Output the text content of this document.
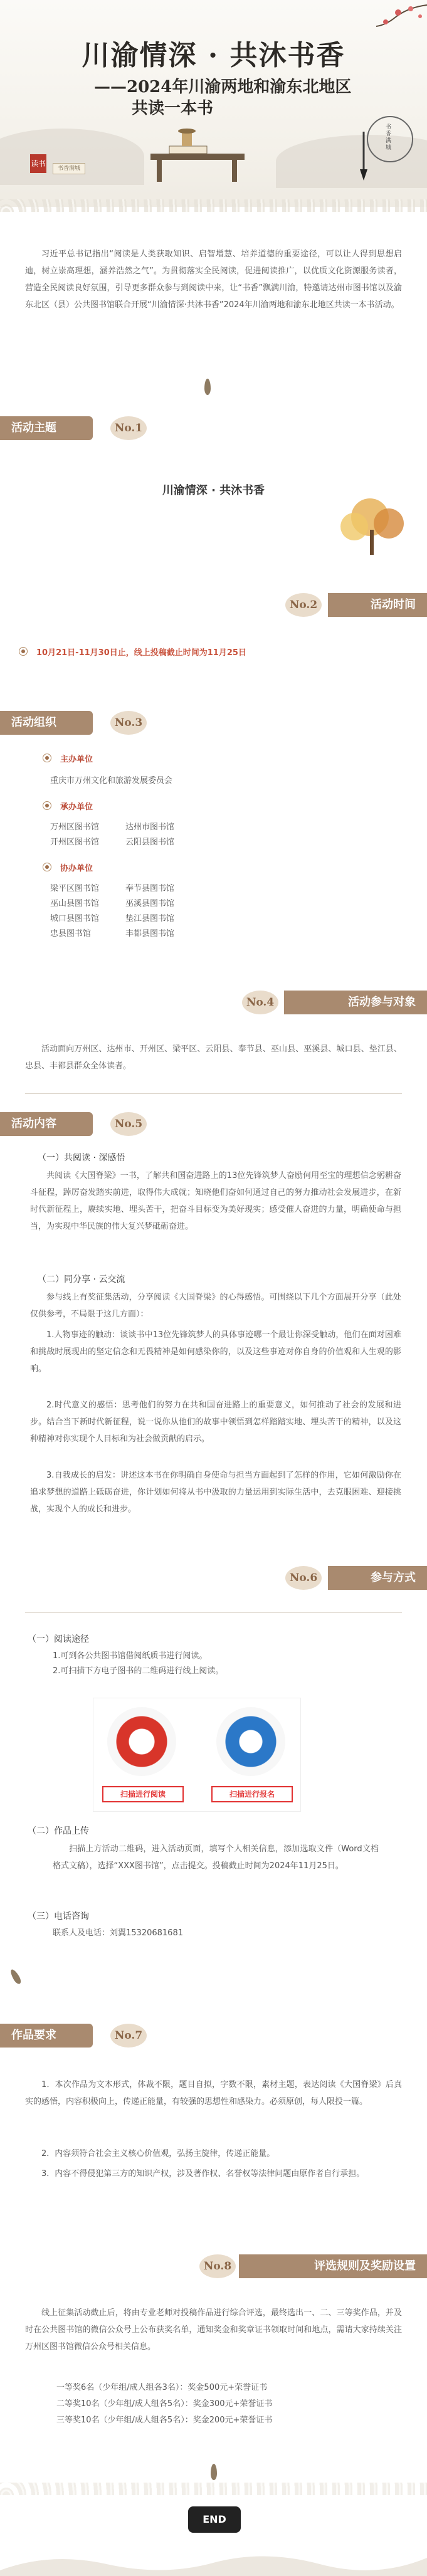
川渝情深 · 共沐书香
——2024年川渝两地和渝东北地区
共读一本书
读书
书香满城
书香满城

习近平总书记指出“阅读是人类获取知识、启智增慧、培养道德的重要途径，可以让人得到思想启迪，树立崇高理想，涵养浩然之气”。为贯彻落实全民阅读，促进阅读推广，以优质文化资源服务读者，营造全民阅读良好氛围，引导更多群众参与到阅读中来，让“书香”飘满川渝，特邀请达州市图书馆以及渝东北区（县）公共图书馆联合开展“川渝情深·共沐书香”2024年川渝两地和渝东北地区共读一本书活动。

活动主题	No.1
川渝情深 · 共沐书香
No.2	活动时间
10月21日-11月30日止，线上投稿截止时间为11月25日
活动组织	No.3
主办单位
重庆市万州文化和旅游发展委员会
承办单位
万州区图书馆	达州市图书馆
开州区图书馆	云阳县图书馆
协办单位
梁平区图书馆	奉节县图书馆
巫山县图书馆	巫溪县图书馆
城口县图书馆	垫江县图书馆
忠县图书馆	丰都县图书馆
No.4	活动参与对象

活动面向万州区、达州市、开州区、梁平区、云阳县、奉节县、巫山县、巫溪县、城口县、垫江县、忠县、丰都县群众全体读者。

活动内容	No.5
（一）共阅读 · 深感悟

共阅读《大国脊梁》一书，了解共和国奋进路上的13位先锋筑梦人奋励何用至宝的理想信念躬耕奋斗征程，踔厉奋发踏实前进，取得伟大成就；知晓他们奋如何通过自己的努力推动社会发展进步，在新时代新征程上，赓续实地、埋头苦干，把奋斗目标变为美好现实；感受催人奋进的力量，明确使命与担当，为实现中华民族的伟大复兴梦砥砺奋进。

（二）同分享 · 云交流

参与线上有奖征集活动，分享阅读《大国脊梁》的心得感悟。可围绕以下几个方面展开分享（此处仅供参考，不局限于这几方面）：

1.人物事迹的触动：谈谈书中13位先锋筑梦人的具体事迹哪一个最让你深受触动，他们在面对困难和挑战时展现出的坚定信念和无畏精神是如何感染你的，以及这些事迹对你自身的价值观和人生观的影响。

2.时代意义的感悟：思考他们的努力在共和国奋进路上的重要意义，如何推动了社会的发展和进步。结合当下新时代新征程，说一说你从他们的故事中领悟到怎样踏踏实地、埋头苦干的精神，以及这种精神对你实现个人目标和为社会做贡献的启示。

3.自我成长的启发：讲述这本书在你明确自身使命与担当方面起到了怎样的作用，它如何激励你在追求梦想的道路上砥砺奋进，你计划如何将从书中汲取的力量运用到实际生活中，去克服困难、迎接挑战，实现个人的成长和进步。

No.6	参与方式
（一）阅读途径
1.可到各公共图书馆借阅纸质书进行阅读。
2.可扫描下方电子图书的二维码进行线上阅读。
扫描进行阅读	扫描进行报名
（二）作品上传

扫描上方活动二维码，进入活动页面，填写个人相关信息，添加选取文件（Word文档格式文稿），选择“XXX图书馆”，点击提交。投稿截止时间为2024年11月25日。

（三）电话咨询
联系人及电话：刘翼15320681681
作品要求	No.7

1．本次作品为文本形式，体裁不限，题目自拟，字数不限，素材主题，表达阅读《大国脊梁》后真实的感悟，内容积极向上，传递正能量，有较强的思想性和感染力。必须原创，每人限投一篇。

2．内容须符合社会主义核心价值观，弘扬主旋律，传递正能量。

3．内容不得侵犯第三方的知识产权，涉及著作权、名誉权等法律问题由原作者自行承担。

No.8	评选规则及奖励设置

线上征集活动截止后，将由专业老师对投稿作品进行综合评选，最终选出一、二、三等奖作品，并及时在公共图书馆的微信公众号上公布获奖名单，通知奖金和奖章证书领取时间和地点，需请大家持续关注万州区图书馆微信公众号相关信息。

一等奖6名（少年组/成人组各3名）：奖金500元+荣誉证书
二等奖10名（少年组/成人组各5名）：奖金300元+荣誉证书
三等奖10名（少年组/成人组各5名）：奖金200元+荣誉证书
END
